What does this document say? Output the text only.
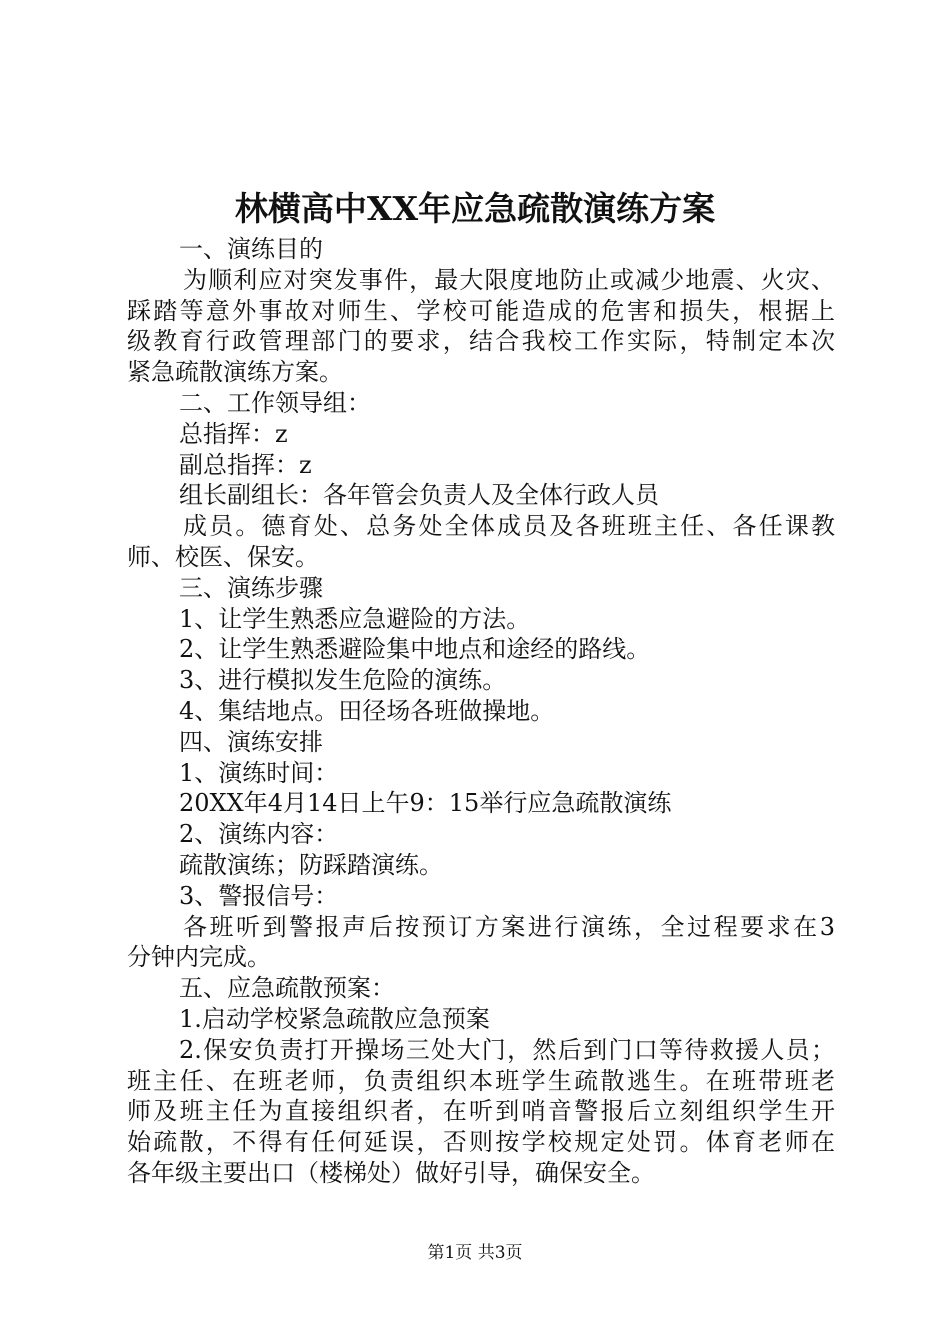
林横高中XX年应急疏散演练方案
一、演练目的
为顺利应对突发事件，最大限度地防止或减少地震、火灾、
踩踏等意外事故对师生、学校可能造成的危害和损失，根据上
级教育行政管理部门的要求，结合我校工作实际，特制定本次
紧急疏散演练方案。
二、工作领导组：
总指挥：z
副总指挥：z
组长副组长：各年管会负责人及全体行政人员
成员。德育处、总务处全体成员及各班班主任、各任课教
师、校医、保安。
三、演练步骤
1、让学生熟悉应急避险的方法。
2、让学生熟悉避险集中地点和途经的路线。
3、进行模拟发生危险的演练。
4、集结地点。田径场各班做操地。
四、演练安排
1、演练时间：
20XX年4月14日上午9：15举行应急疏散演练
2、演练内容：
疏散演练；防踩踏演练。
3、警报信号：
各班听到警报声后按预订方案进行演练，全过程要求在3
分钟内完成。
五、应急疏散预案：
1.启动学校紧急疏散应急预案
2.保安负责打开操场三处大门，然后到门口等待救援人员；
班主任、在班老师，负责组织本班学生疏散逃生。在班带班老
师及班主任为直接组织者，在听到哨音警报后立刻组织学生开
始疏散，不得有任何延误，否则按学校规定处罚。体育老师在
各年级主要出口（楼梯处）做好引导，确保安全。
第1页 共3页
